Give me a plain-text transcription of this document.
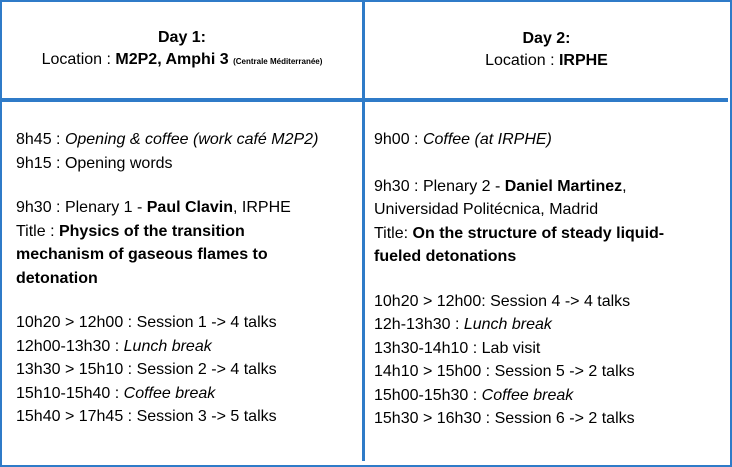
Day 1:
Location : M2P2, Amphi 3 (Centrale Méditerranée)
Day 2:
Location : IRPHE
8h45 : Opening & coffee (work café M2P2)
9h15 : Opening words
9h30 : Plenary 1 - Paul Clavin, IRPHE
Title : Physics of the transition mechanism of gaseous flames to detonation
10h20 > 12h00 : Session 1 -> 4 talks
12h00-13h30 : Lunch break
13h30 > 15h10 : Session 2 -> 4 talks
15h10-15h40 : Coffee break
15h40 > 17h45 : Session 3 -> 5 talks
9h00 : Coffee (at IRPHE)
9h30 : Plenary 2 - Daniel Martinez, Universidad Politécnica, Madrid
Title: On the structure of steady liquid-fueled detonations
10h20 > 12h00: Session 4 -> 4 talks
12h-13h30 : Lunch break
13h30-14h10 : Lab visit
14h10 > 15h00 : Session 5 -> 2 talks
15h00-15h30 : Coffee break
15h30 > 16h30 : Session 6 -> 2 talks
